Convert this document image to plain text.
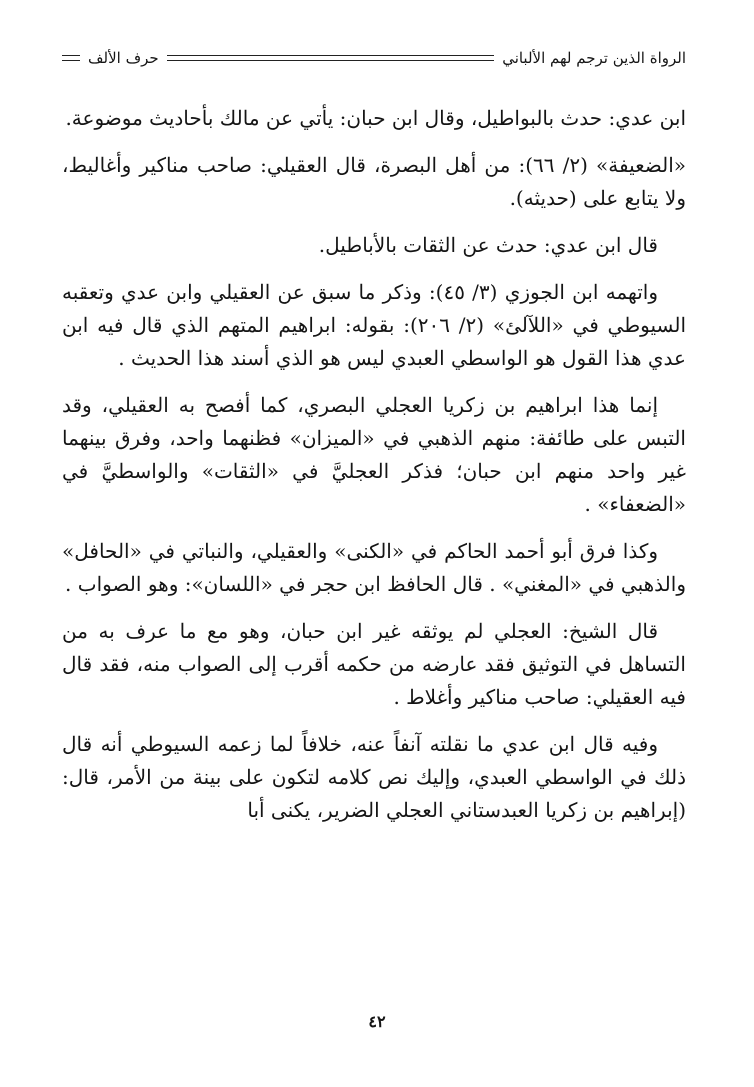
الرواة الذين ترجم لهم الألباني
حرف الألف

ابن عدي: حدث بالبواطيل، وقال ابن حبان: يأتي عن مالك بأحاديث موضوعة.

«الضعيفة» (٢/ ٦٦): من أهل البصرة، قال العقيلي: صاحب مناكير وأغاليط، ولا يتابع على (حديثه).

قال ابن عدي: حدث عن الثقات بالأباطيل.

واتهمه ابن الجوزي (٣/ ٤٥): وذكر ما سبق عن العقيلي وابن عدي وتعقبه السيوطي في «اللآلئ» (٢/ ٢٠٦): بقوله: ابراهيم المتهم الذي قال فيه ابن عدي هذا القول هو الواسطي العبدي ليس هو الذي أسند هذا الحديث .

إنما هذا ابراهيم بن زكريا العجلي البصري، كما أفصح به العقيلي، وقد التبس على طائفة: منهم الذهبي في «الميزان» فظنهما واحد، وفرق بينهما غير واحد منهم ابن حبان؛ فذكر العجليَّ في «الثقات» والواسطيَّ في «الضعفاء» .

وكذا فرق أبو أحمد الحاكم في «الكنى» والعقيلي، والنباتي في «الحافل» والذهبي في «المغني» . قال الحافظ ابن حجر في «اللسان»: وهو الصواب .

قال الشيخ: العجلي لم يوثقه غير ابن حبان، وهو مع ما عرف به من التساهل في التوثيق فقد عارضه من حكمه أقرب إلى الصواب منه، فقد قال فيه العقيلي: صاحب مناكير وأغلاط .

وفيه قال ابن عدي ما نقلته آنفاً عنه، خلافاً لما زعمه السيوطي أنه قال ذلك في الواسطي العبدي، وإليك نص كلامه لتكون على بينة من الأمر، قال: (إبراهيم بن زكريا العبدستاني العجلي الضرير، يكنى أبا

٤٢
